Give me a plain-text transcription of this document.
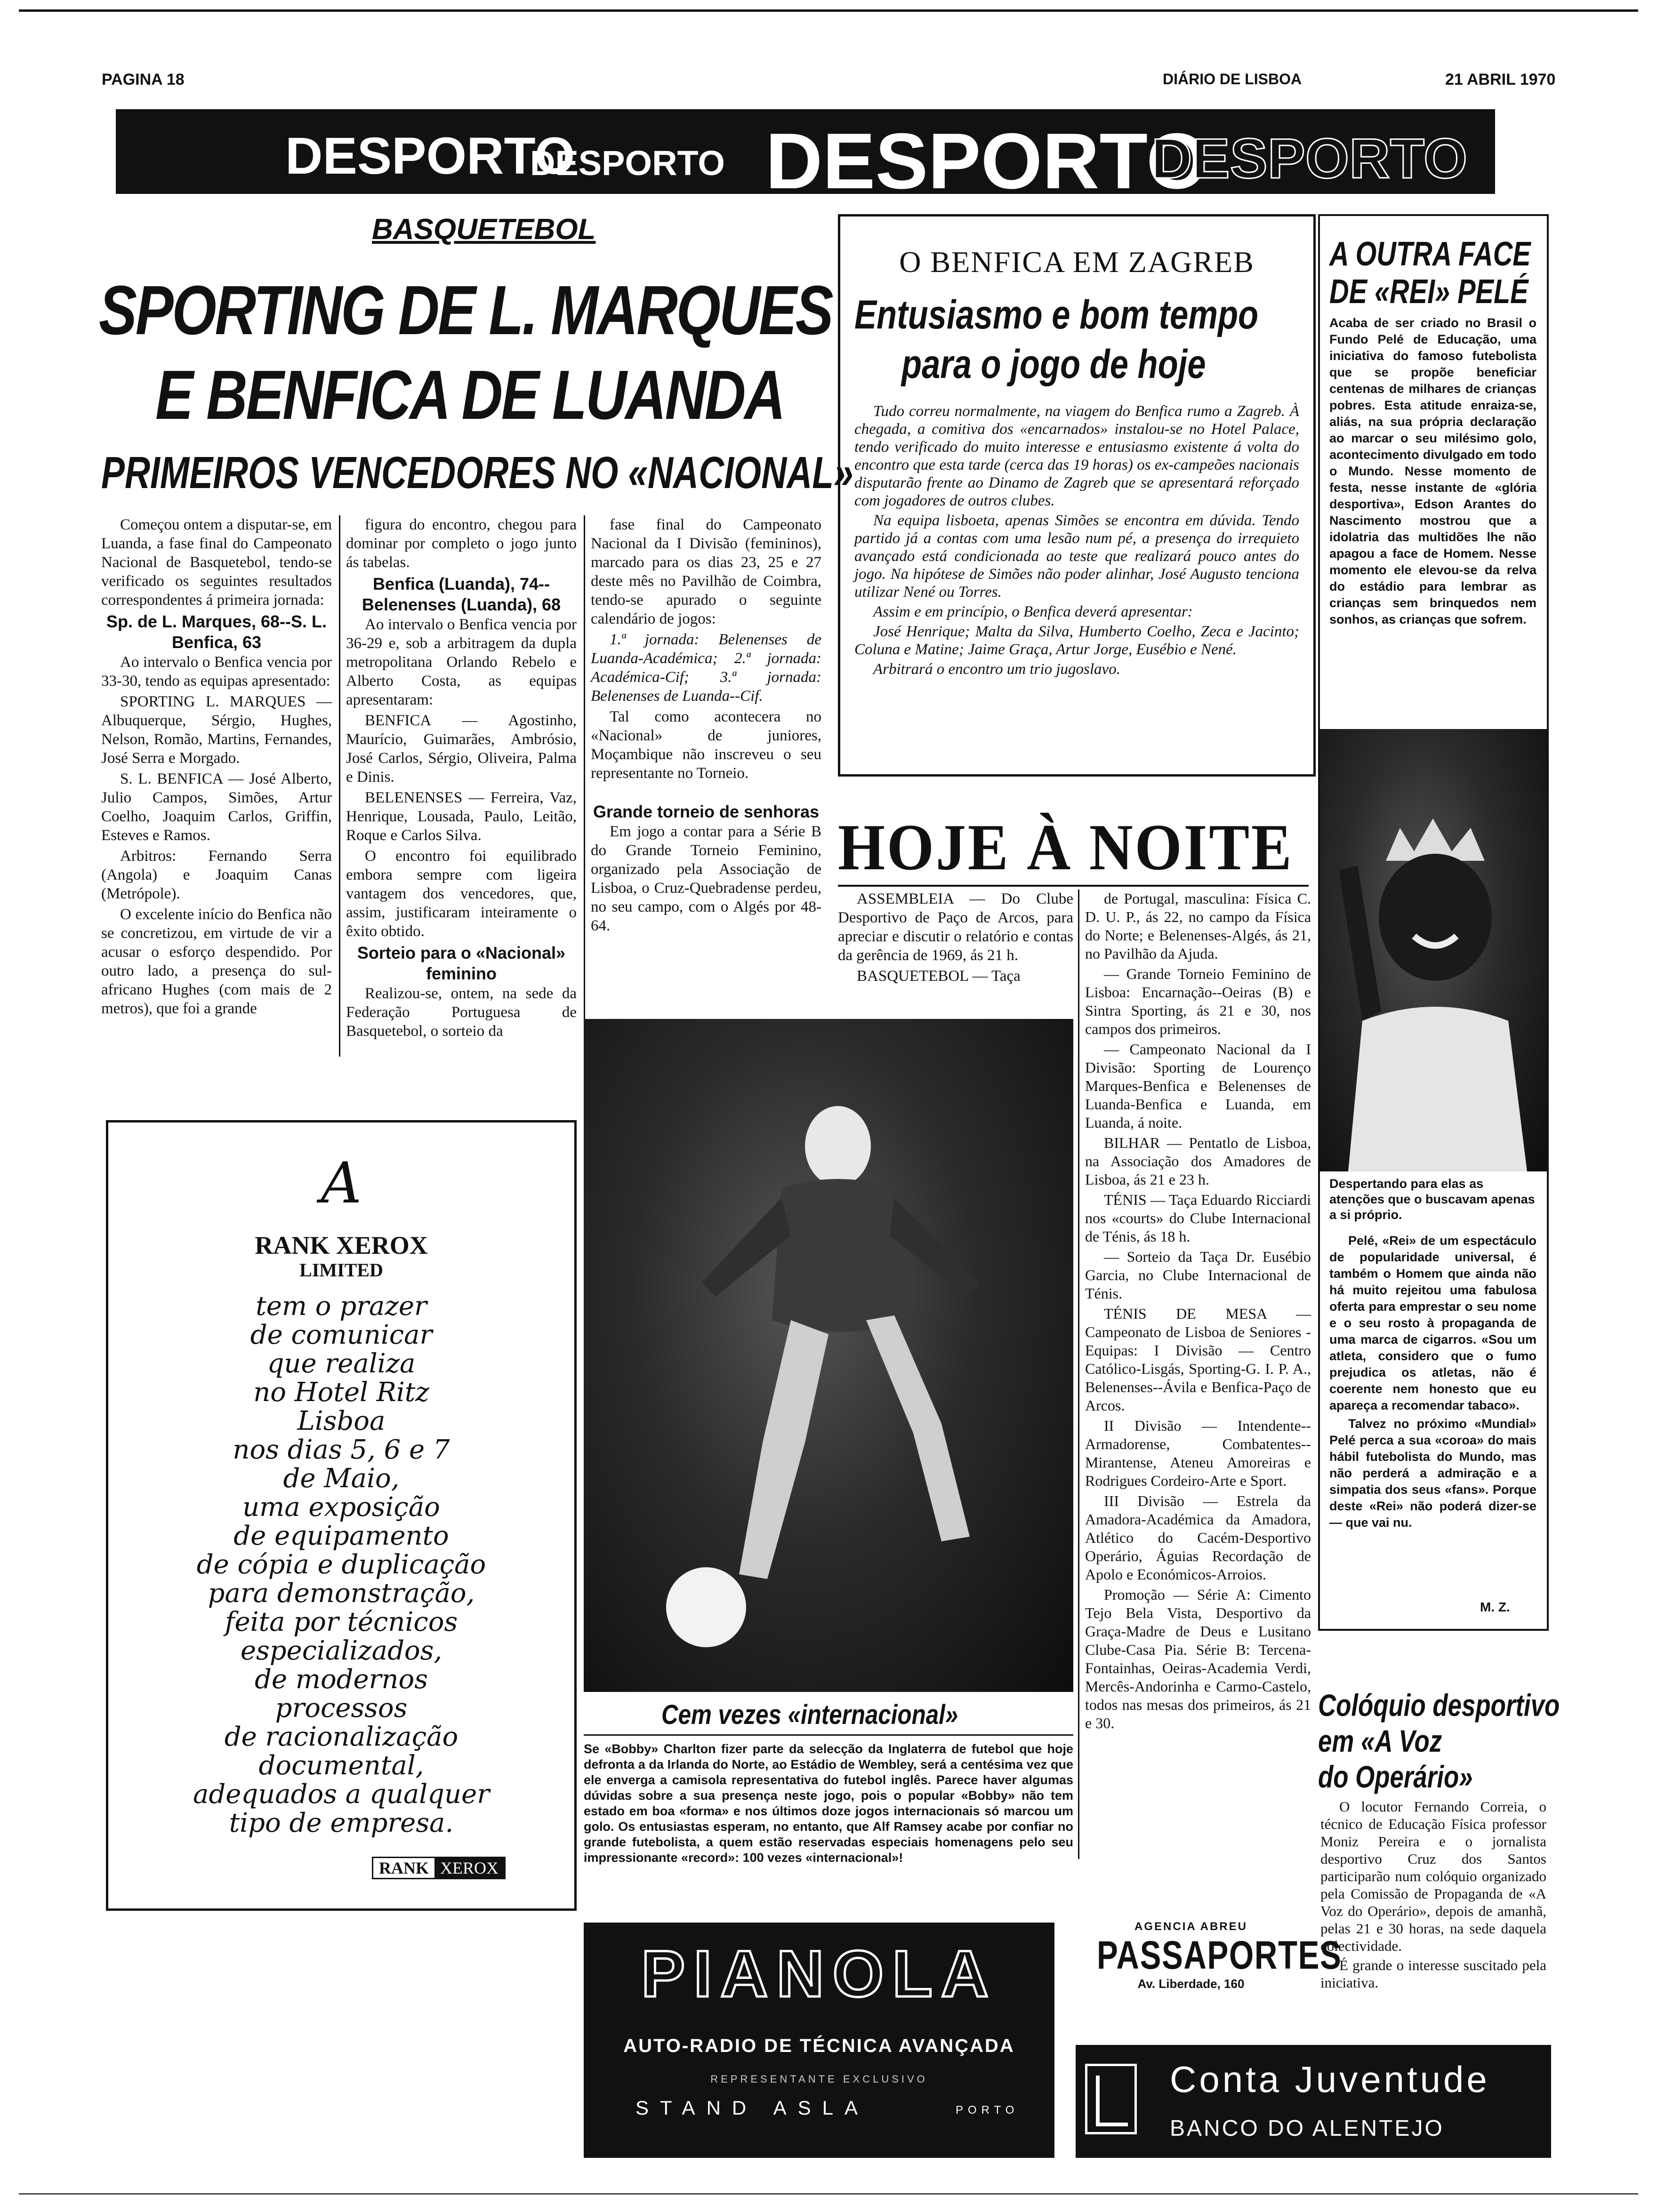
PAGINA 18	DIÁRIO DE LISBOA	21 ABRIL 1970
DESPORTO
DESPORTO DESPORTO
DESPORTO
BASQUETEBOL
SPORTING DE L. MARQUES
E BENFICA DE LUANDA
PRIMEIROS VENCEDORES NO «NACIONAL»

Começou ontem a disputar-se, em Luanda, a fase final do Campeonato Nacional de Basquetebol, tendo-se verificado os seguintes resultados correspondentes á primeira jornada:

Sp. de L. Marques, 68--S. L. Benfica, 63

Ao intervalo o Benfica vencia por 33-30, tendo as equipas apresentado:

SPORTING L. MARQUES — Albuquerque, Sérgio, Hughes, Nelson, Romão, Martins, Fernandes, José Serra e Morgado.

S. L. BENFICA — José Alberto, Julio Campos, Simões, Artur Coelho, Joaquim Carlos, Griffin, Esteves e Ramos.

Arbitros: Fernando Serra (Angola) e Joaquim Canas (Metrópole).

O excelente início do Benfica não se concretizou, em virtude de vir a acusar o esforço despendido. Por outro lado, a presença do sul-africano Hughes (com mais de 2 metros), que foi a grande

figura do encontro, chegou para dominar por completo o jogo junto ás tabelas.

Benfica (Luanda), 74--Belenenses (Luanda), 68

Ao intervalo o Benfica vencia por 36-29 e, sob a arbitragem da dupla metropolitana Orlando Rebelo e Alberto Costa, as equipas apresentaram:

BENFICA — Agostinho, Maurício, Guimarães, Ambrósio, José Carlos, Sérgio, Oliveira, Palma e Dinis.

BELENENSES — Ferreira, Vaz, Henrique, Lousada, Paulo, Leitão, Roque e Carlos Silva.

O encontro foi equilibrado embora sempre com ligeira vantagem dos vencedores, que, assim, justificaram inteiramente o êxito obtido.

Sorteio para o «Nacional» feminino

Realizou-se, ontem, na sede da Federação Portuguesa de Basquetebol, o sorteio da

fase final do Campeonato Nacional da I Divisão (femininos), marcado para os dias 23, 25 e 27 deste mês no Pavilhão de Coimbra, tendo-se apurado o seguinte calendário de jogos:

1.ª jornada: Belenenses de Luanda-Académica; 2.ª jornada: Académica-Cif; 3.ª jornada: Belenenses de Luanda--Cif.

Tal como acontecera no «Nacional» de juniores, Moçambique não inscreveu o seu representante no Torneio.

Grande torneio de senhoras

Em jogo a contar para a Série B do Grande Torneio Feminino, organizado pela Associação de Lisboa, o Cruz-Quebradense perdeu, no seu campo, com o Algés por 48-64.

A
RANK XEROX
LIMITED
tem o prazer
de comunicar
que realiza
no Hotel Ritz
Lisboa
nos dias 5, 6 e 7
de Maio,
uma exposição
de equipamento
de cópia e duplicação
para demonstração,
feita por técnicos
especializados,
de modernos
processos
de racionalização
documental,
adequados a qualquer
tipo de empresa.
RANK XEROX
O BENFICA EM ZAGREB
Entusiasmo e bom tempo
para o jogo de hoje

Tudo correu normalmente, na viagem do Benfica rumo a Zagreb. À chegada, a comitiva dos «encarnados» instalou-se no Hotel Palace, tendo verificado do muito interesse e entusiasmo existente á volta do encontro que esta tarde (cerca das 19 horas) os ex-campeões nacionais disputarão frente ao Dinamo de Zagreb que se apresentará reforçado com jogadores de outros clubes.

Na equipa lisboeta, apenas Simões se encontra em dúvida. Tendo partido já a contas com uma lesão num pé, a presença do irrequieto avançado está condicionada ao teste que realizará pouco antes do jogo. Na hipótese de Simões não poder alinhar, José Augusto tenciona utilizar Nené ou Torres.

Assim e em princípio, o Benfica deverá apresentar:

José Henrique; Malta da Silva, Humberto Coelho, Zeca e Jacinto; Coluna e Matine; Jaime Graça, Artur Jorge, Eusébio e Nené.

Arbitrará o encontro um trio jugoslavo.

HOJE À NOITE

ASSEMBLEIA — Do Clube Desportivo de Paço de Arcos, para apreciar e discutir o relatório e contas da gerência de 1969, ás 21 h.

BASQUETEBOL — Taça

de Portugal, masculina: Física C. D. U. P., ás 22, no campo da Física do Norte; e Belenenses-Algés, ás 21, no Pavilhão da Ajuda.

— Grande Torneio Feminino de Lisboa: Encarnação--Oeiras (B) e Sintra Sporting, ás 21 e 30, nos campos dos primeiros.

— Campeonato Nacional da I Divisão: Sporting de Lourenço Marques-Benfica e Belenenses de Luanda-Benfica e Luanda, em Luanda, á noite.

BILHAR — Pentatlo de Lisboa, na Associação dos Amadores de Lisboa, ás 21 e 23 h.

TÉNIS — Taça Eduardo Ricciardi nos «courts» do Clube Internacional de Ténis, ás 18 h.

— Sorteio da Taça Dr. Eusébio Garcia, no Clube Internacional de Ténis.

TÉNIS DE MESA — Campeonato de Lisboa de Seniores - Equipas: I Divisão — Centro Católico-Lisgás, Sporting-G. I. P. A., Belenenses--Ávila e Benfica-Paço de Arcos.

II Divisão — Intendente--Armadorense, Combatentes--Mirantense, Ateneu Amoreiras e Rodrigues Cordeiro-Arte e Sport.

III Divisão — Estrela da Amadora-Académica da Amadora, Atlético do Cacém-Desportivo Operário, Águias Recordação de Apolo e Económicos-Arroios.

Promoção — Série A: Cimento Tejo Bela Vista, Desportivo da Graça-Madre de Deus e Lusitano Clube-Casa Pia. Série B: Tercena-Fontainhas, Oeiras-Academia Verdi, Mercês-Andorinha e Carmo-Castelo, todos nas mesas dos primeiros, ás 21 e 30.

Cem vezes «internacional»
Se «Bobby» Charlton fizer parte da selecção da Inglaterra de futebol que hoje defronta a da Irlanda do Norte, ao Estádio de Wembley, será a centésima vez que ele enverga a camisola representativa do futebol inglês. Parece haver algumas dúvidas sobre a sua presença neste jogo, pois o popular «Bobby» não tem estado em boa «forma» e nos últimos doze jogos internacionais só marcou um golo. Os entusiastas esperam, no entanto, que Alf Ramsey acabe por confiar no grande futebolista, a quem estão reservadas especiais homenagens pelo seu impressionante «record»: 100 vezes «internacional»!
PIANOLA
AUTO-RADIO DE TÉCNICA AVANÇADA
REPRESENTANTE EXCLUSIVO
STAND ASLA	PORTO
AGENCIA ABREU
PASSAPORTES
Av. Liberdade, 160
A OUTRA FACE
DE «REI» PELÉ
Acaba de ser criado no Brasil o Fundo Pelé de Educação, uma iniciativa do famoso futebolista que se propõe beneficiar centenas de milhares de crianças pobres. Esta atitude enraiza-se, aliás, na sua própria declaração ao marcar o seu milésimo golo, acontecimento divulgado em todo o Mundo. Nesse momento de festa, nesse instante de «glória desportiva», Edson Arantes do Nascimento mostrou que a idolatria das multidões lhe não apagou a face de Homem. Nesse momento ele elevou-se da relva do estádio para lembrar as crianças sem brinquedos nem sonhos, as crianças que sofrem.
Despertando para elas as atenções que o buscavam apenas a si próprio.

Pelé, «Rei» de um espectáculo de popularidade universal, é também o Homem que ainda não há muito rejeitou uma fabulosa oferta para emprestar o seu nome e o seu rosto à propaganda de uma marca de cigarros. «Sou um atleta, considero que o fumo prejudica os atletas, não é coerente nem honesto que eu apareça a recomendar tabaco».

Talvez no próximo «Mundial» Pelé perca a sua «coroa» do mais hábil futebolista do Mundo, mas não perderá a admiração e a simpatia dos seus «fans». Porque deste «Rei» não poderá dizer-se — que vai nu.

M. Z.
Colóquio desportivo
em «A Voz
do Operário»

O locutor Fernando Correia, o técnico de Educação Física professor Moniz Pereira e o jornalista desportivo Cruz dos Santos participarão num colóquio organizado pela Comissão de Propaganda de «A Voz do Operário», depois de amanhã, pelas 21 e 30 horas, na sede daquela colectividade.

É grande o interesse suscitado pela iniciativa.

Conta Juventude
BANCO DO ALENTEJO
